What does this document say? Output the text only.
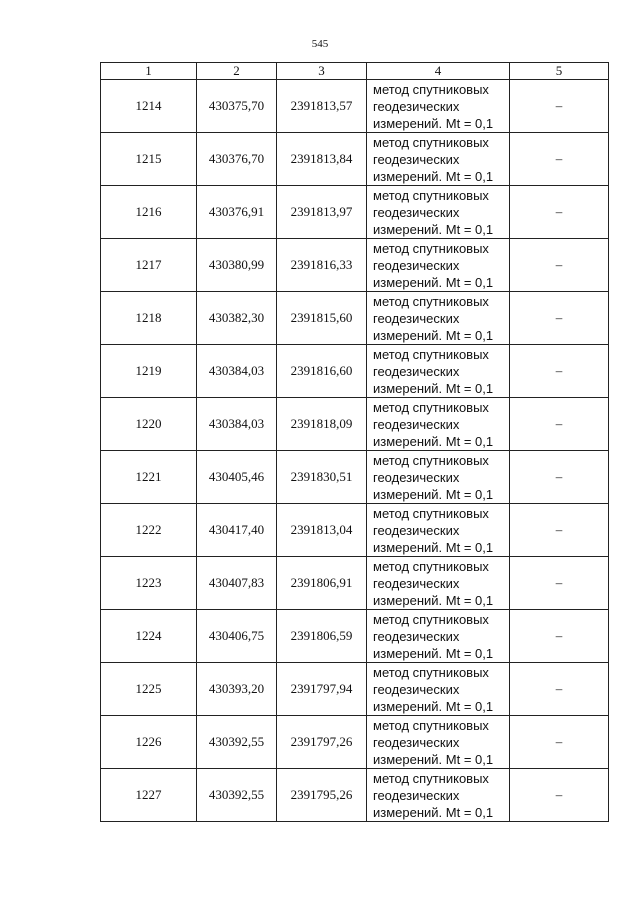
545
1	2	3	4	5
1214	430375,70	2391813,57	метод спутниковых
геодезических
измерений. Mt = 0,1	–
1215	430376,70	2391813,84	метод спутниковых
геодезических
измерений. Mt = 0,1	–
1216	430376,91	2391813,97	метод спутниковых
геодезических
измерений. Mt = 0,1	–
1217	430380,99	2391816,33	метод спутниковых
геодезических
измерений. Mt = 0,1	–
1218	430382,30	2391815,60	метод спутниковых
геодезических
измерений. Mt = 0,1	–
1219	430384,03	2391816,60	метод спутниковых
геодезических
измерений. Mt = 0,1	–
1220	430384,03	2391818,09	метод спутниковых
геодезических
измерений. Mt = 0,1	–
1221	430405,46	2391830,51	метод спутниковых
геодезических
измерений. Mt = 0,1	–
1222	430417,40	2391813,04	метод спутниковых
геодезических
измерений. Mt = 0,1	–
1223	430407,83	2391806,91	метод спутниковых
геодезических
измерений. Mt = 0,1	–
1224	430406,75	2391806,59	метод спутниковых
геодезических
измерений. Mt = 0,1	–
1225	430393,20	2391797,94	метод спутниковых
геодезических
измерений. Mt = 0,1	–
1226	430392,55	2391797,26	метод спутниковых
геодезических
измерений. Mt = 0,1	–
1227	430392,55	2391795,26	метод спутниковых
геодезических
измерений. Mt = 0,1	–
